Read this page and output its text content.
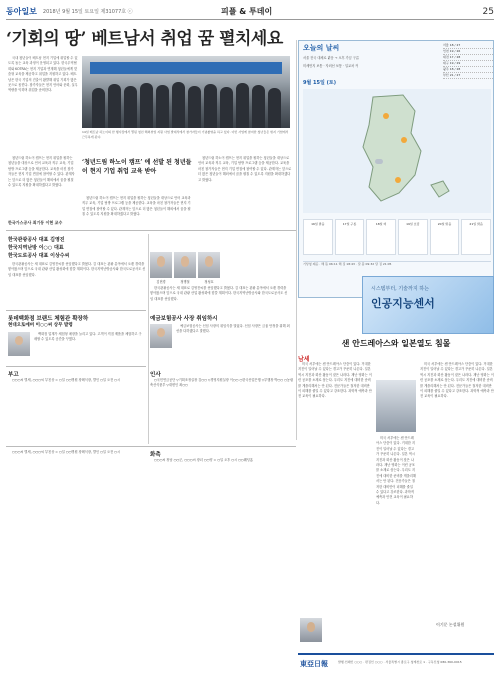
동아일보 2018년 9월 15일 토요일 제31077호 ⓒ	피플 & 투데이	25
‘기회의 땅’ 베트남서 취업 꿈 펼치세요

국내 청년들이 베트남 현지 기업에 취업할 수 있도록 돕는 교육 과정이 운영되고 있다. 한국무역협회와 KOTRA는 현지 기업과 연계해 청년들에게 맞춤형 교육을 제공하고 취업을 지원하고 있다. 베트남은 한국 기업의 진출이 활발해 취업 기회가 많은 곳으로 꼽힌다. 참가자들은 현지 언어와 문화, 실무 역량을 익히며 취업을 준비한다.

14일 베트남 하노이의 한 행사장에서 열린 청년 해외취업 지원 사업 발대식에서 참가자들이 기념촬영을 하고 있다. 이번 사업에 참여한 청년들은 현지 기업에서 근무하게 된다.

청년드림 하노이 캠프는 현지 취업을 원하는 청년들을 대상으로 언어 교육과 직무 교육, 기업 탐방 프로그램 등을 제공한다. 교육을 마친 참가자들은 현지 기업 면접에 참여할 수 있다. 관계자는 앞으로 더 많은 청년들이 해외에서 꿈을 펼칠 수 있도록 지원을 확대하겠다고 밝혔다.

‘청년드림 하노이 캠프’ 에 선발 된 청년들 이 현지 기업 취업 교육 받아

청년드림 하노이 캠프는 현지 취업을 원하는 청년들을 대상으로 언어 교육과 직무 교육, 기업 탐방 프로그램 등을 제공한다. 교육을 마친 참가자들은 현지 기업 면접에 참여할 수 있다. 관계자는 앞으로 더 많은 청년들이 해외에서 꿈을 펼칠 수 있도록 지원을 확대하겠다고 밝혔다.

청년드림 하노이 캠프는 현지 취업을 원하는 청년들을 대상으로 언어 교육과 직무 교육, 기업 탐방 프로그램 등을 제공한다. 교육을 마친 참가자들은 현지 기업 면접에 참여할 수 있다. 관계자는 앞으로 더 많은 청년들이 해외에서 꿈을 펼칠 수 있도록 지원을 확대하겠다고 밝혔다.

한국관광공사 대표 김영진
한국지역난방 이○○ 대표
한국도로공사 대표 이상수씨

한국관광공사는 새 대표로 김영진씨를 선임했다고 밝혔다. 김 대표는 관광 분야에서 오랜 경력을 쌓아왔으며 앞으로 국내 관광 산업 활성화에 힘쓸 계획이다. 한국지역난방공사와 한국도로공사도 신임 대표를 선임했다.

김현경	정병철	정성호

한국관광공사는 새 대표로 김영진씨를 선임했다고 밝혔다. 김 대표는 관광 분야에서 오랜 경력을 쌓아왔으며 앞으로 국내 관광 산업 활성화에 힘쓸 계획이다. 한국지역난방공사와 한국도로공사도 신임 대표를 선임했다.

한국가스공사 최기동 이현 교수
롯데백화점 브랜드 체험관 확장하
현대오토에버 이○○씨 상무 발령

백화점 업계가 체험형 매장을 늘리고 있다. 고객이 직접 제품을 체험하고 구매할 수 있도록 공간을 꾸몄다.

부고

○○○씨 별세, ○○○씨 부친상 = ○일 ○○병원 장례식장, 발인 ○일 오전 ○시

예금보험공사 사장 취임하시

예금보험공사는 신임 사장의 취임식을 열었다. 신임 사장은 금융 안정을 위해 최선을 다하겠다고 말했다.

인사

○국민연금공단 ▽기획조정실장 김○○ ▽경영지원실장 이○○ ○한국산업은행 ▽부행장 박○○ ○농림축산식품부 ▽대변인 최○○

화촉

○○○씨 장남 ○○군, ○○○씨 장녀 ○○양 = ○일 오후 ○시 ○○웨딩홀

○○○씨 별세, ○○○씨 부친상 = ○일 ○○병원 장례식장, 발인 ○일 오전 ○시

오늘의 날씨
서울 전국 대체로 맑음 → 오후 가끔 구름
미세먼지 보통 · 자외선 보통 · 일교차 커
서울 18 / 27
인천 19 / 26
대전 17 / 28
대구 19 / 29
광주 18 / 28
부산 21 / 27
9월 15일 (토)
16일 맑음	17일 구름	18일 비	19일 흐림	20일 맑음	21일 맑음
기상청 제공 · 해 뜸 06:11 해 짐 18:43 · 달 뜸 09:32 달 짐 21:05
시스템부터, 기술까지 하는
인공지능센서
샌 안드레아스와 일본열도 침몰
남세

미국 서부에는 샌 안드레아스 단층이 있다. 거대한 지진이 일어날 수 있다는 경고가 꾸준히 나온다. 일본 역시 지진과 화산 활동이 잦은 나라다. 재난 영화는 이런 공포를 소재로 삼는다. 우리도 지진에 대비한 준비를 게을리해서는 안 된다. 전문가들은 철저한 대비만이 피해를 줄일 수 있다고 강조한다. 과학적 예측과 안전 교육이 필요하다.

미국 서부에는 샌 안드레아스 단층이 있다. 거대한 지진이 일어날 수 있다는 경고가 꾸준히 나온다. 일본 역시 지진과 화산 활동이 잦은 나라다. 재난 영화는 이런 공포를 소재로 삼는다. 우리도 지진에 대비한 준비를 게을리해서는 안 된다. 전문가들은 철저한 대비만이 피해를 줄일 수 있다고 강조한다. 과학적 예측과 안전 교육이 필요하다.

미국 서부에는 샌 안드레아스 단층이 있다. 거대한 지진이 일어날 수 있다는 경고가 꾸준히 나온다. 일본 역시 지진과 화산 활동이 잦은 나라다. 재난 영화는 이런 공포를 소재로 삼는다. 우리도 지진에 대비한 준비를 게을리해서는 안 된다. 전문가들은 철저한 대비만이 피해를 줄일 수 있다고 강조한다. 과학적 예측과 안전 교육이 필요하다.

이기문 논설위원
東亞日報	발행·인쇄인 ○○○ · 편집인 ○○○ · 서울특별시 종로구 청계천로 1 · 구독신청 080-360-0015
